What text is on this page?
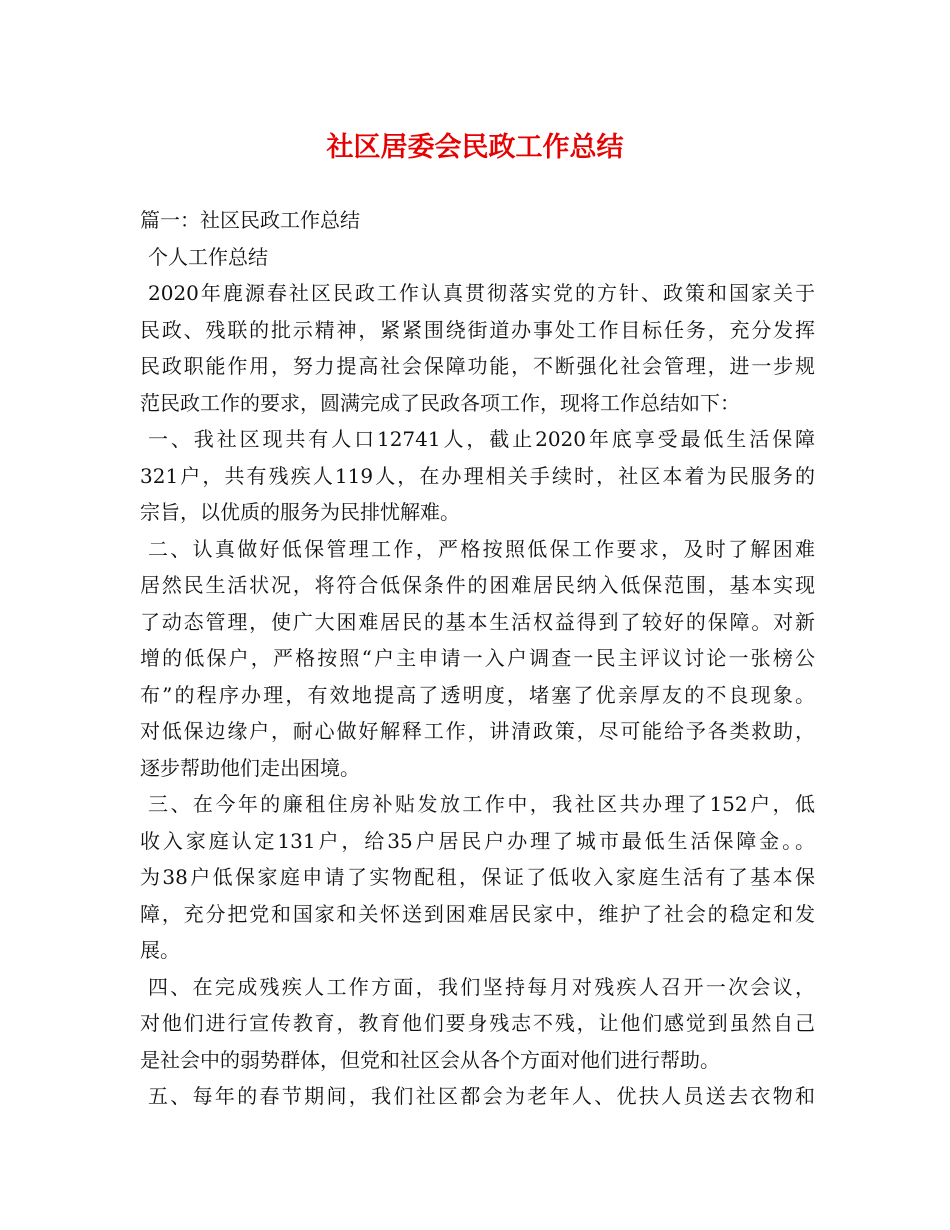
社区居委会民政工作总结

篇一：社区民政工作总结

个人工作总结

2020年鹿源春社区民政工作认真贯彻落实党的方针、政策和国家关于

民政、残联的批示精神，紧紧围绕街道办事处工作目标任务，充分发挥

民政职能作用，努力提高社会保障功能，不断强化社会管理，进一步规

范民政工作的要求，圆满完成了民政各项工作，现将工作总结如下：

一、我社区现共有人口12741人，截止2020年底享受最低生活保障

321户，共有残疾人119人，在办理相关手续时，社区本着为民服务的

宗旨，以优质的服务为民排忧解难。

二、认真做好低保管理工作，严格按照低保工作要求，及时了解困难

居然民生活状况，将符合低保条件的困难居民纳入低保范围，基本实现

了动态管理，使广大困难居民的基本生活权益得到了较好的保障。对新

增的低保户，严格按照“户主申请一入户调查一民主评议讨论一张榜公

布”的程序办理，有效地提高了透明度，堵塞了优亲厚友的不良现象。

对低保边缘户，耐心做好解释工作，讲清政策，尽可能给予各类救助，

逐步帮助他们走出困境。

三、在今年的廉租住房补贴发放工作中，我社区共办理了152户，低

收入家庭认定131户，给35户居民户办理了城市最低生活保障金。。

为38户低保家庭申请了实物配租，保证了低收入家庭生活有了基本保

障，充分把党和国家和关怀送到困难居民家中，维护了社会的稳定和发

展。

四、在完成残疾人工作方面，我们坚持每月对残疾人召开一次会议，

对他们进行宣传教育，教育他们要身残志不残，让他们感觉到虽然自己

是社会中的弱势群体，但党和社区会从各个方面对他们进行帮助。

五、每年的春节期间，我们社区都会为老年人、优扶人员送去衣物和
